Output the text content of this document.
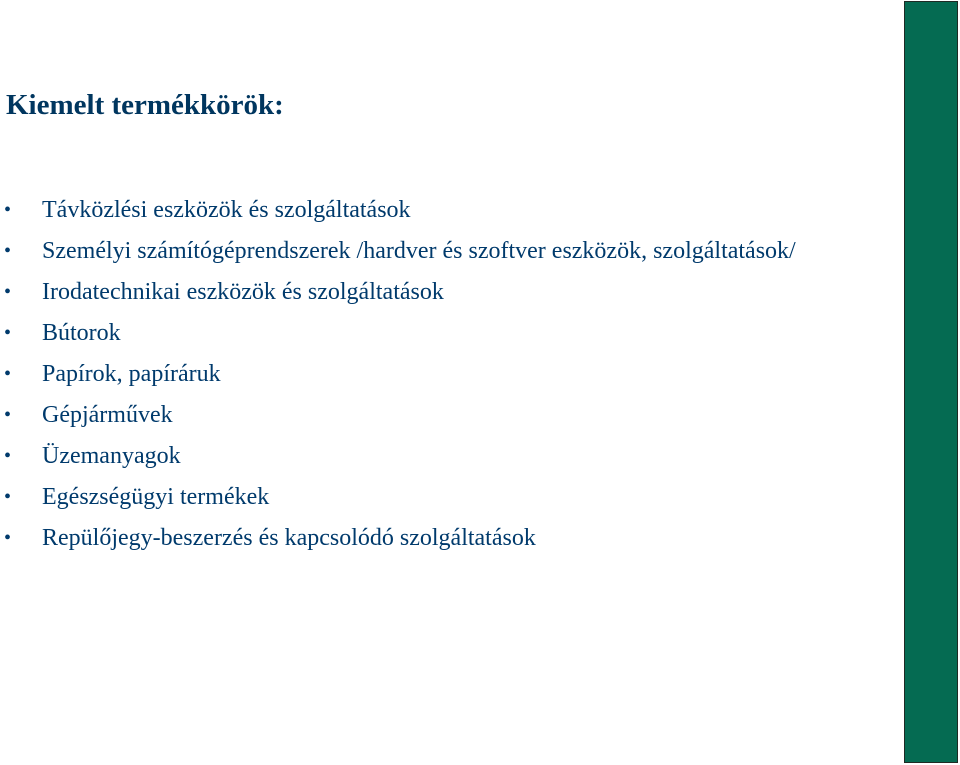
Kiemelt termékkörök:
•	Távközlési eszközök és szolgáltatások
•	Személyi számítógéprendszerek /hardver és szoftver eszközök, szolgáltatások/
•	Irodatechnikai eszközök és szolgáltatások
•	Bútorok
•	Papírok, papíráruk
•	Gépjárművek
•	Üzemanyagok
•	Egészségügyi termékek
•	Repülőjegy-beszerzés és kapcsolódó szolgáltatások
